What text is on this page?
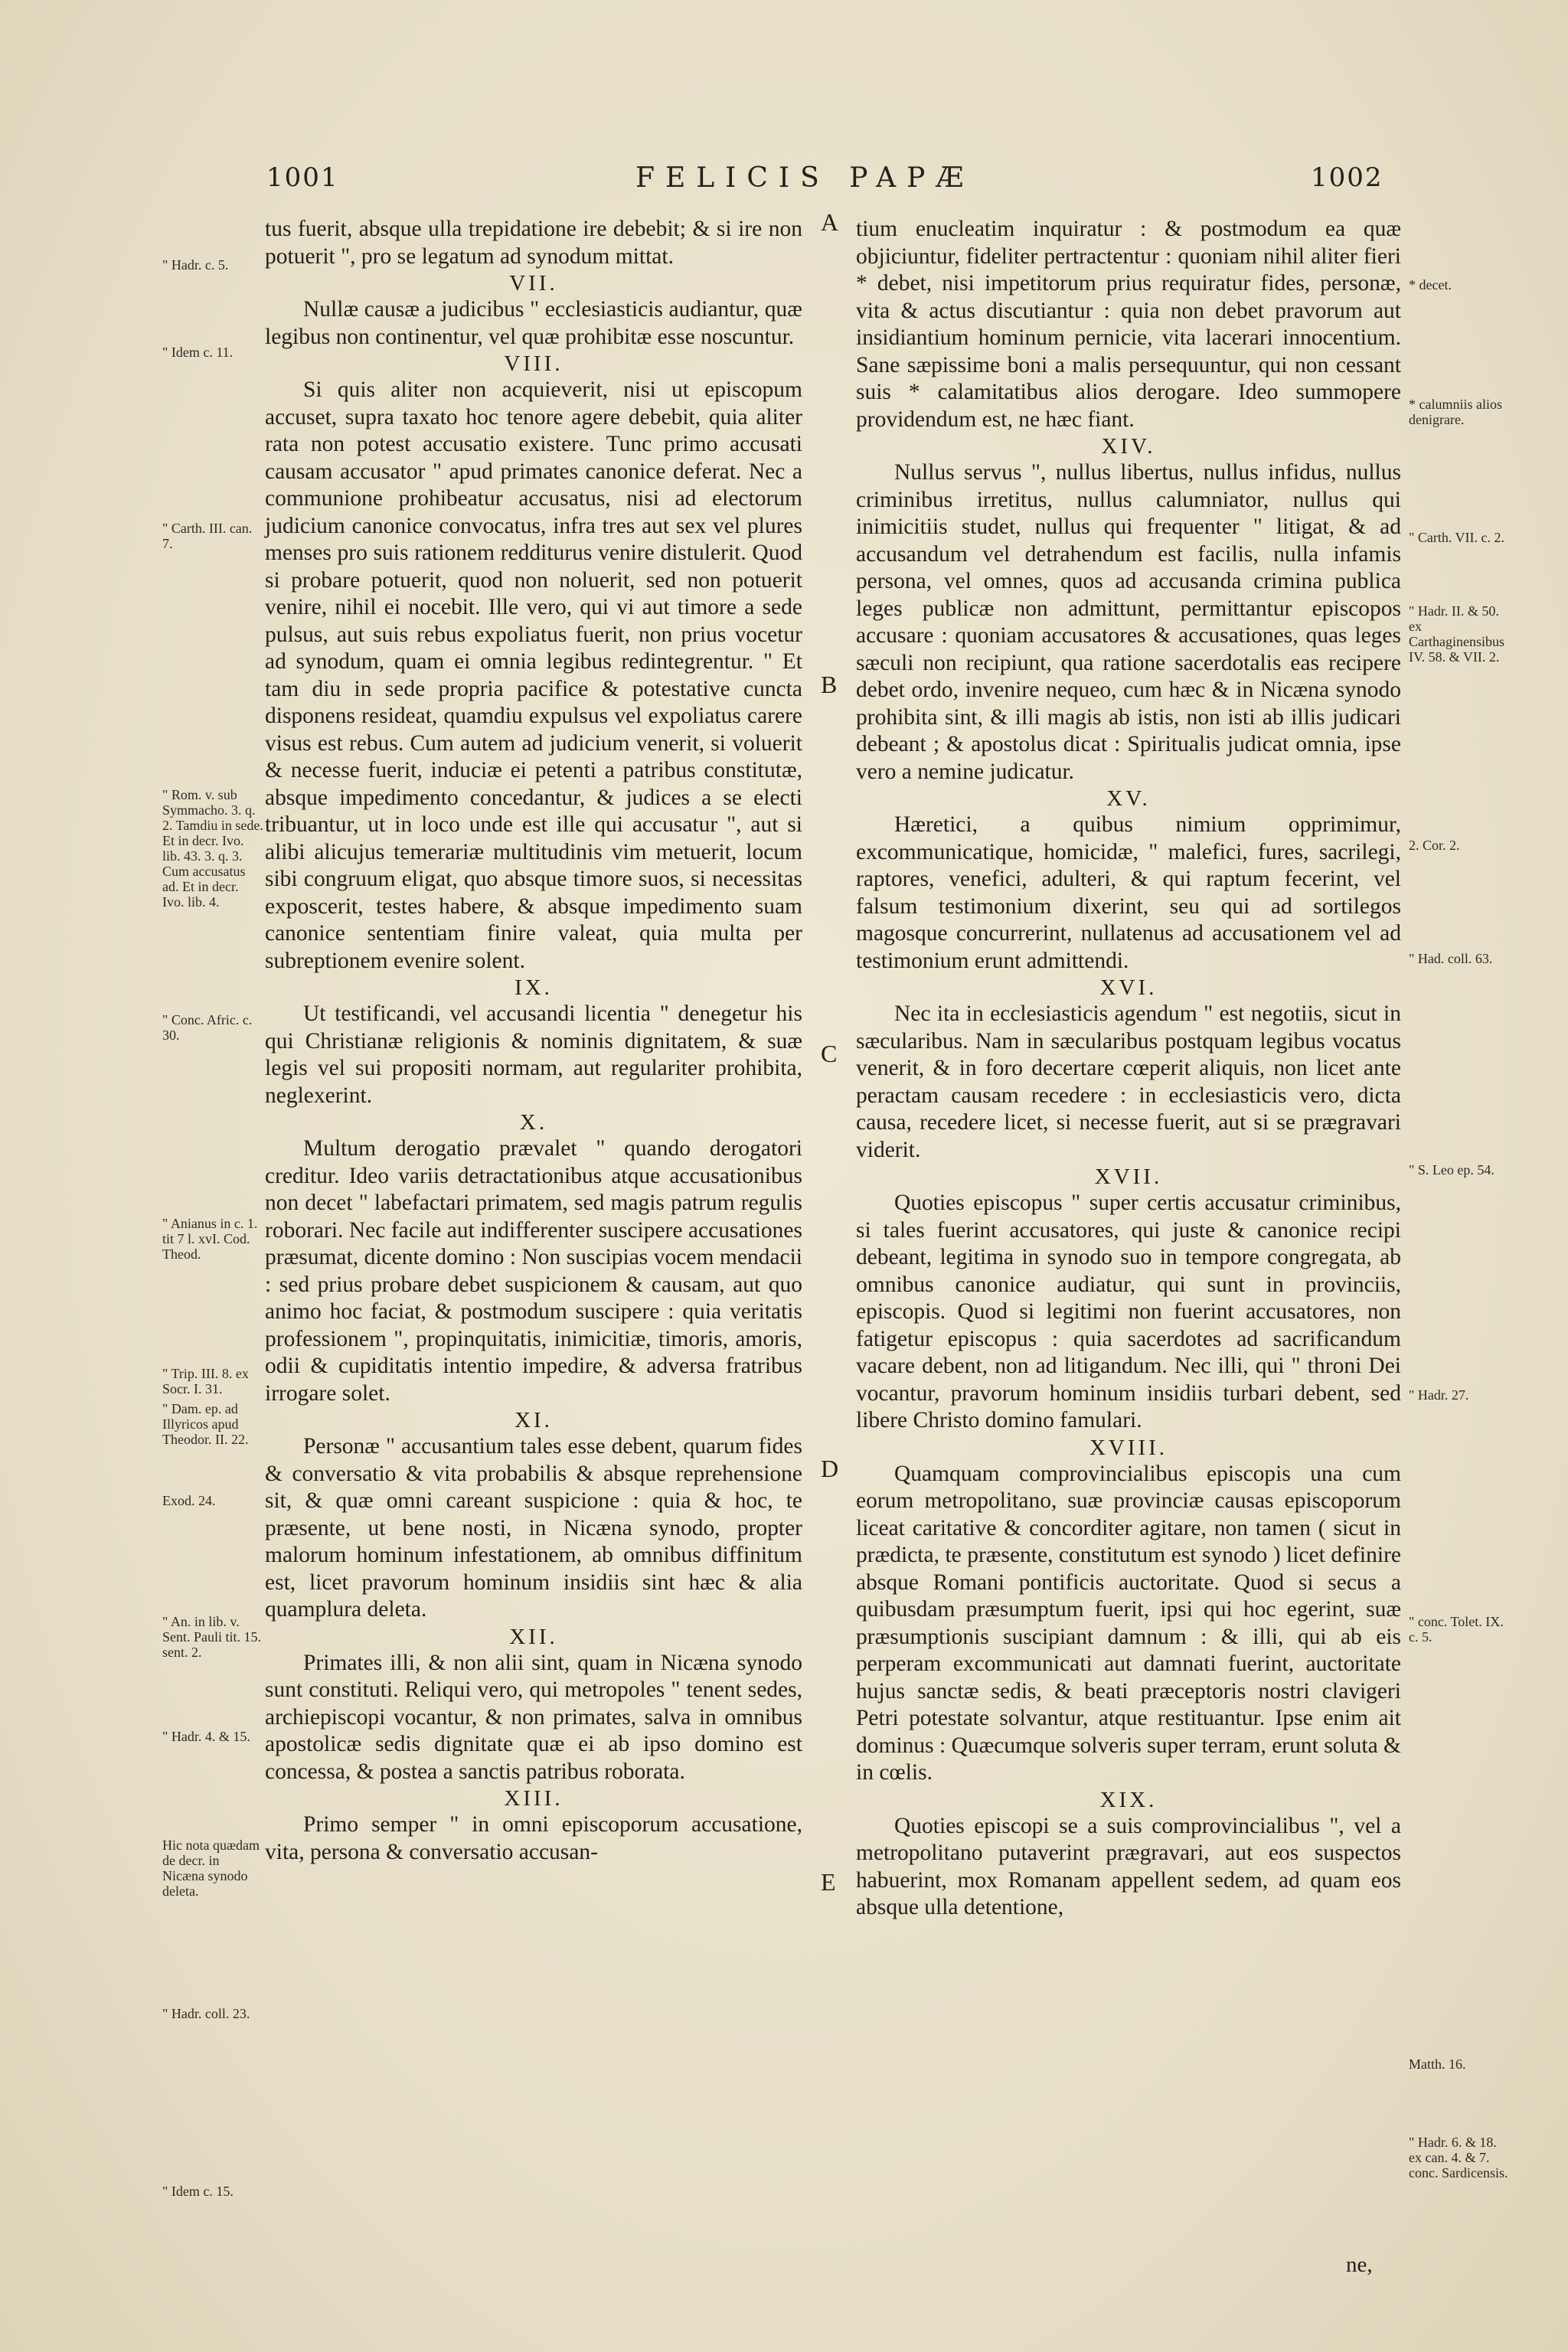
1001	FELICIS PAPÆ	1002

tus fuerit, absque ulla trepidatione ire debebit; & si ire non potuerit ", pro se legatum ad synodum mittat.

VII.

Nullæ causæ a judicibus " ecclesiasticis audiantur, quæ legibus non continentur, vel quæ prohibitæ esse noscuntur.

VIII.

Si quis aliter non acquieverit, nisi ut episcopum accuset, supra taxato hoc tenore agere debebit, quia aliter rata non potest accusatio existere. Tunc primo accusati causam accusator " apud primates canonice deferat. Nec a communione prohibeatur accusatus, nisi ad electorum judicium canonice convocatus, infra tres aut sex vel plures menses pro suis rationem redditurus venire distulerit. Quod si probare potuerit, quod non noluerit, sed non potuerit venire, nihil ei nocebit. Ille vero, qui vi aut timore a sede pulsus, aut suis rebus expoliatus fuerit, non prius vocetur ad synodum, quam ei omnia legibus redintegrentur. " Et tam diu in sede propria pacifice & potestative cuncta disponens resideat, quamdiu expulsus vel expoliatus carere visus est rebus. Cum autem ad judicium venerit, si voluerit & necesse fuerit, induciæ ei petenti a patribus constitutæ, absque impedimento concedantur, & judices a se electi tribuantur, ut in loco unde est ille qui accusatur ", aut si alibi alicujus temerariæ multitudinis vim metuerit, locum sibi congruum eligat, quo absque timore suos, si necessitas exposcerit, testes habere, & absque impedimento suam canonice sententiam finire valeat, quia multa per subreptionem evenire solent.

IX.

Ut testificandi, vel accusandi licentia " denegetur his qui Christianæ religionis & nominis dignitatem, & suæ legis vel sui propositi normam, aut regulariter prohibita, neglexerint.

X.

Multum derogatio prævalet " quando derogatori creditur. Ideo variis detractationibus atque accusationibus non decet " labefactari primatem, sed magis patrum regulis roborari. Nec facile aut indifferenter suscipere accusationes præsumat, dicente domino : Non suscipias vocem mendacii : sed prius probare debet suspicionem & causam, aut quo animo hoc faciat, & postmodum suscipere : quia veritatis professionem ", propinquitatis, inimicitiæ, timoris, amoris, odii & cupiditatis intentio impedire, & adversa fratribus irrogare solet.

XI.

Personæ " accusantium tales esse debent, quarum fides & conversatio & vita probabilis & absque reprehensione sit, & quæ omni careant suspicione : quia & hoc, te præsente, ut bene nosti, in Nicæna synodo, propter malorum hominum infestationem, ab omnibus diffinitum est, licet pravorum hominum insidiis sint hæc & alia quamplura deleta.

XII.

Primates illi, & non alii sint, quam in Nicæna synodo sunt constituti. Reliqui vero, qui metropoles " tenent sedes, archiepiscopi vocantur, & non primates, salva in omnibus apostolicæ sedis dignitate quæ ei ab ipso domino est concessa, & postea a sanctis patribus roborata.

XIII.

Primo semper " in omni episcoporum accusatione, vita, persona & conversatio accusan-

tium enucleatim inquiratur : & postmodum ea quæ objiciuntur, fideliter pertractentur : quoniam nihil aliter fieri * debet, nisi impetitorum prius requiratur fides, personæ, vita & actus discutiantur : quia non debet pravorum aut insidiantium hominum pernicie, vita lacerari innocentium. Sane sæpissime boni a malis persequuntur, qui non cessant suis * calamitatibus alios derogare. Ideo summopere providendum est, ne hæc fiant.

XIV.

Nullus servus ", nullus libertus, nullus infidus, nullus criminibus irretitus, nullus calumniator, nullus qui inimicitiis studet, nullus qui frequenter " litigat, & ad accusandum vel detrahendum est facilis, nulla infamis persona, vel omnes, quos ad accusanda crimina publica leges publicæ non admittunt, permittantur episcopos accusare : quoniam accusatores & accusationes, quas leges sæculi non recipiunt, qua ratione sacerdotalis eas recipere debet ordo, invenire nequeo, cum hæc & in Nicæna synodo prohibita sint, & illi magis ab istis, non isti ab illis judicari debeant ; & apostolus dicat : Spiritualis judicat omnia, ipse vero a nemine judicatur.

XV.

Hæretici, a quibus nimium opprimimur, excommunicatique, homicidæ, " malefici, fures, sacrilegi, raptores, venefici, adulteri, & qui raptum fecerint, vel falsum testimonium dixerint, seu qui ad sortilegos magosque concurrerint, nullatenus ad accusationem vel ad testimonium erunt admittendi.

XVI.

Nec ita in ecclesiasticis agendum " est negotiis, sicut in sæcularibus. Nam in sæcularibus postquam legibus vocatus venerit, & in foro decertare cœperit aliquis, non licet ante peractam causam recedere : in ecclesiasticis vero, dicta causa, recedere licet, si necesse fuerit, aut si se prægravari viderit.

XVII.

Quoties episcopus " super certis accusatur criminibus, si tales fuerint accusatores, qui juste & canonice recipi debeant, legitima in synodo suo in tempore congregata, ab omnibus canonice audiatur, qui sunt in provinciis, episcopis. Quod si legitimi non fuerint accusatores, non fatigetur episcopus : quia sacerdotes ad sacrificandum vacare debent, non ad litigandum. Nec illi, qui " throni Dei vocantur, pravorum hominum insidiis turbari debent, sed libere Christo domino famulari.

XVIII.

Quamquam comprovincialibus episcopis una cum eorum metropolitano, suæ provinciæ causas episcoporum liceat caritative & concorditer agitare, non tamen ( sicut in prædicta, te præsente, constitutum est synodo ) licet definire absque Romani pontificis auctoritate. Quod si secus a quibusdam præsumptum fuerit, ipsi qui hoc egerint, suæ præsumptionis suscipiant damnum : & illi, qui ab eis perperam excommunicati aut damnati fuerint, auctoritate hujus sanctæ sedis, & beati præceptoris nostri clavigeri Petri potestate solvantur, atque restituantur. Ipse enim ait dominus : Quæcumque solveris super terram, erunt soluta & in cœlis.

XIX.

Quoties episcopi se a suis comprovincialibus ", vel a metropolitano putaverint prægravari, aut eos suspectos habuerint, mox Romanam appellent sedem, ad quam eos absque ulla detentione,

" Hadr. c. 5.
" Idem c. 11.
" Carth. III. can. 7.
" Rom. v. sub Symmacho. 3. q. 2. Tamdiu in sede. Et in decr. Ivo. lib. 43. 3. q. 3. Cum accusatus ad. Et in decr. Ivo. lib. 4.
" Conc. Afric. c. 30.
" Anianus in c. 1. tit 7 l. xvI. Cod. Theod.
" Trip. III. 8. ex Socr. I. 31.
" Dam. ep. ad Illyricos apud Theodor. II. 22.
Exod. 24.
" An. in lib. v. Sent. Pauli tit. 15. sent. 2.
" Hadr. 4. & 15.
Hic nota quædam de decr. in Nicæna synodo deleta.
" Hadr. coll. 23.
" Idem c. 15.
* decet.
* calumniis alios denigrare.
" Carth. VII. c. 2.
" Hadr. II. & 50. ex Carthaginensibus IV. 58. & VII. 2.
2. Cor. 2.
" Had. coll. 63.
" S. Leo ep. 54.
" Hadr. 27.
" conc. Tolet. IX. c. 5.
Matth. 16.
" Hadr. 6. & 18. ex can. 4. & 7. conc. Sardicensis.
A
B
C
D
E
ne,
